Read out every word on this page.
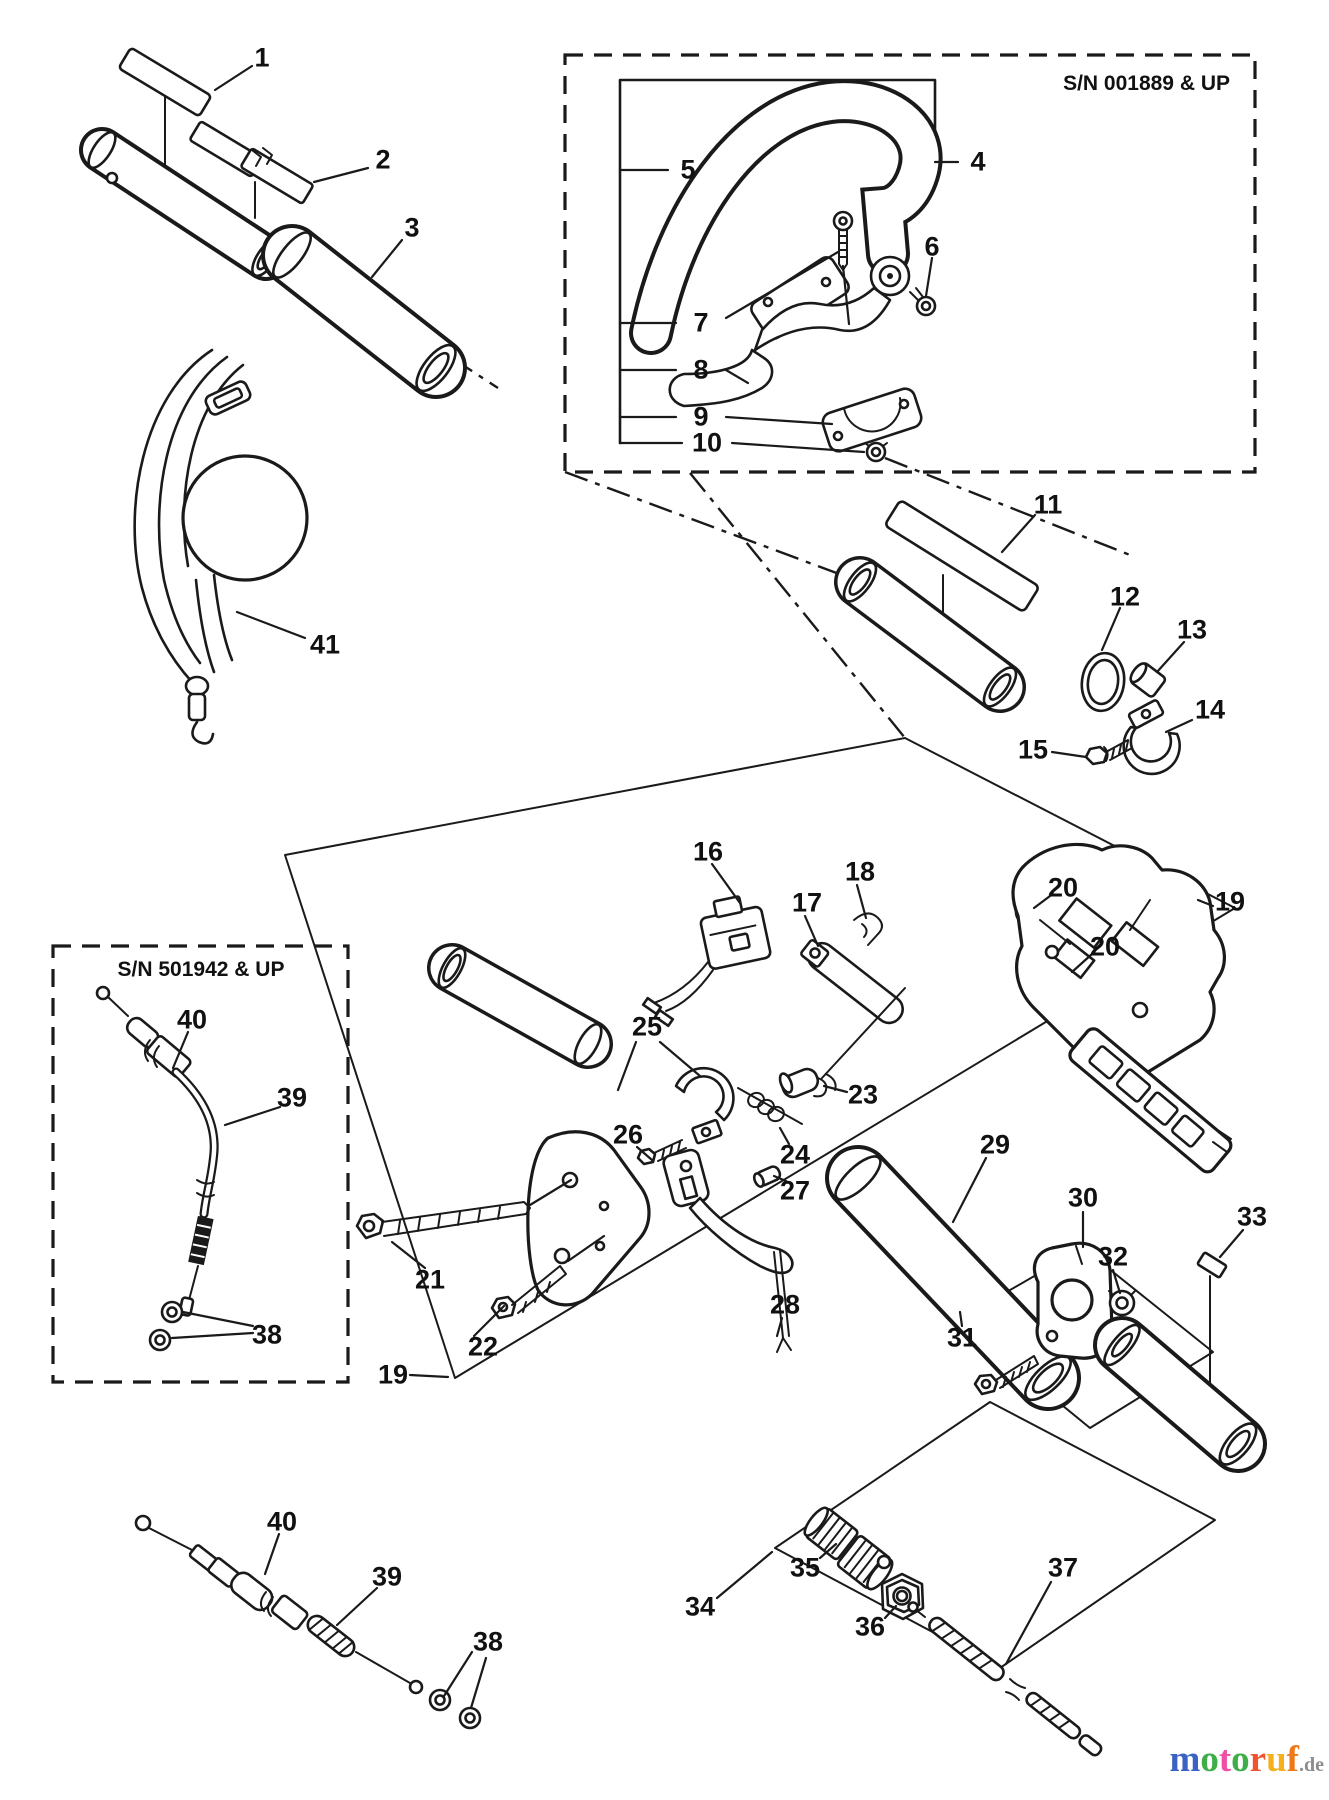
1
2
3
4
5
6
7
8
9
10
11
12
13
14
15
16
17
18
19
20
20
21
22
23
24
25
26
27
28
29
30
31
32
33
34
35
36
37
38
39
40
38
39
40
19
41
S/N 001889 & UP
S/N 501942 & UP
motoruf.de
